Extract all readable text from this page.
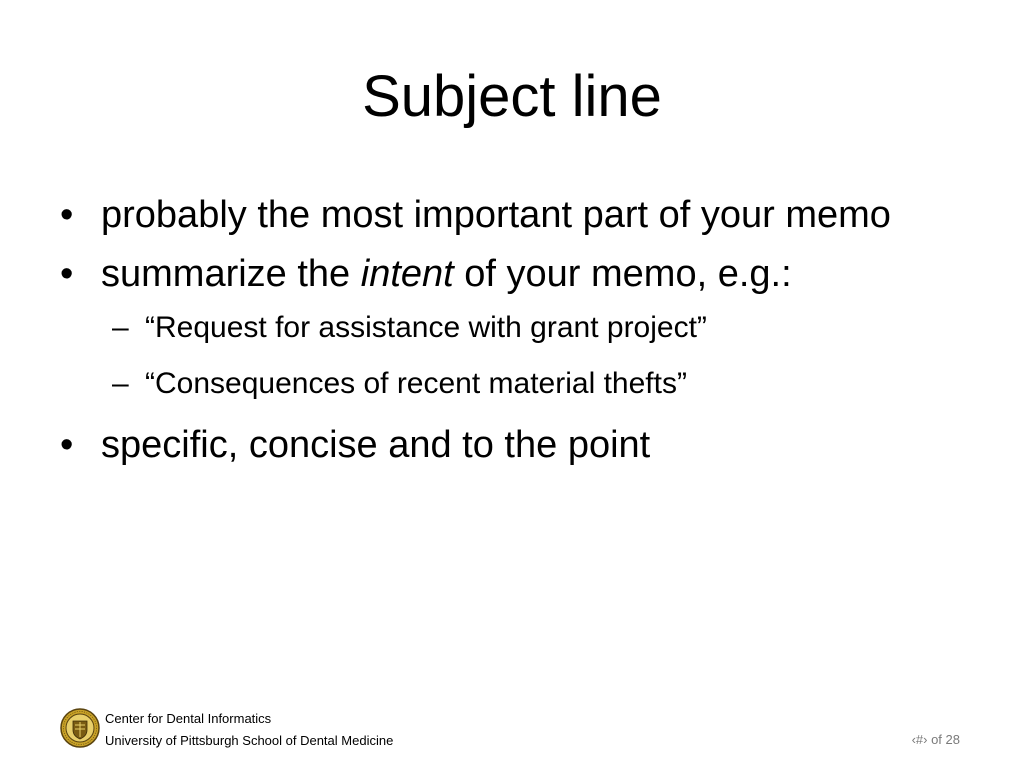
Subject line
• probably the most important part of your memo
• summarize the intent of your memo, e.g.:
– “Request for assistance with grant project”
– “Consequences of recent material thefts”
• specific, concise and to the point
Center for Dental Informatics
University of Pittsburgh School of Dental Medicine	‹#› of 28
